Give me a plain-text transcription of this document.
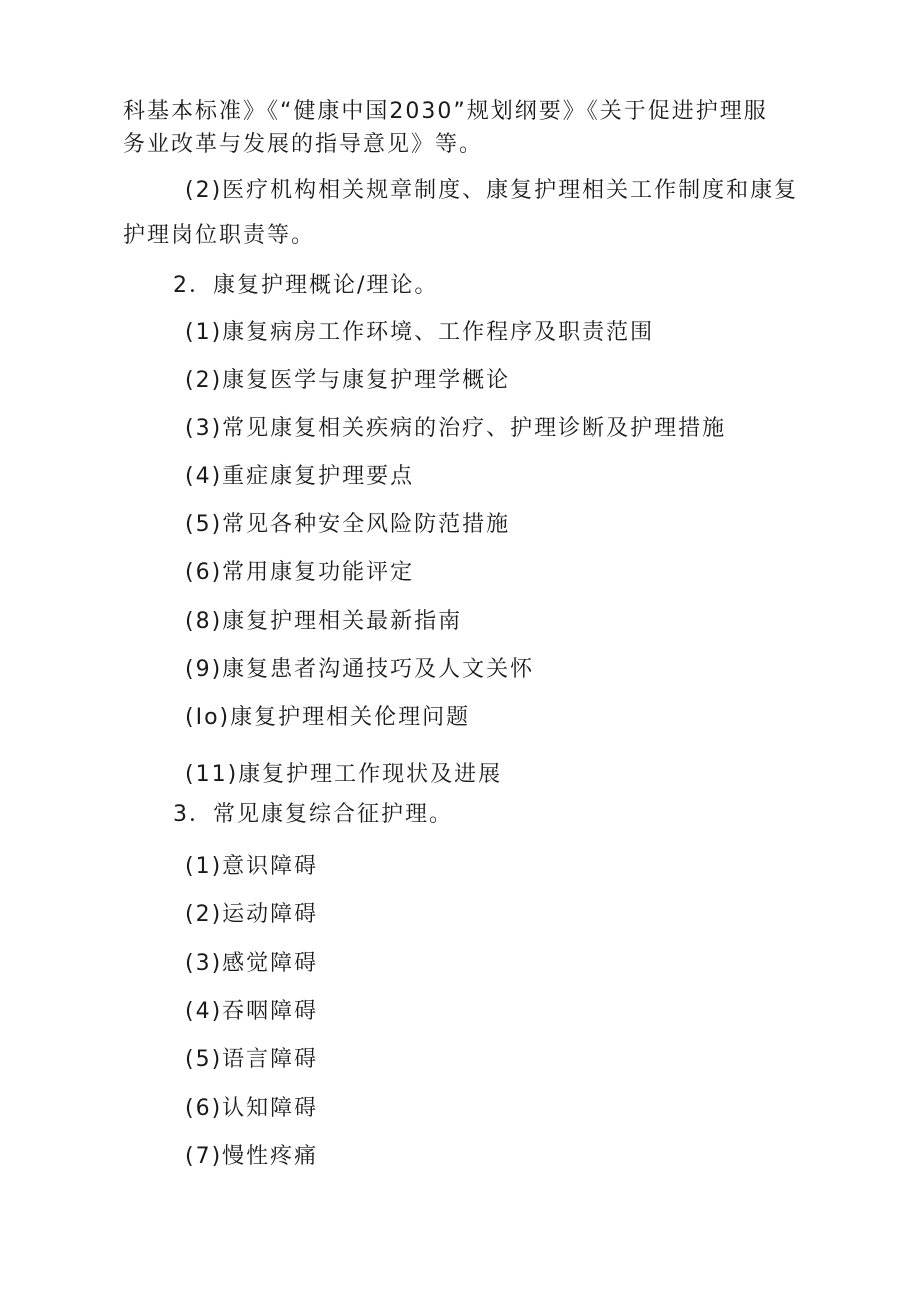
科基本标准》《“健康中国2030”规划纲要》《关于促进护理服

务业改革与发展的指导意见》等。

(2)医疗机构相关规章制度、康复护理相关工作制度和康复

护理岗位职责等。

2．康复护理概论/理论。

(1)康复病房工作环境、工作程序及职责范围

(2)康复医学与康复护理学概论

(3)常见康复相关疾病的治疗、护理诊断及护理措施

(4)重症康复护理要点

(5)常见各种安全风险防范措施

(6)常用康复功能评定

(8)康复护理相关最新指南

(9)康复患者沟通技巧及人文关怀

(Io)康复护理相关伦理问题

(11)康复护理工作现状及进展

3．常见康复综合征护理。

(1)意识障碍

(2)运动障碍

(3)感觉障碍

(4)吞咽障碍

(5)语言障碍

(6)认知障碍

(7)慢性疼痛
